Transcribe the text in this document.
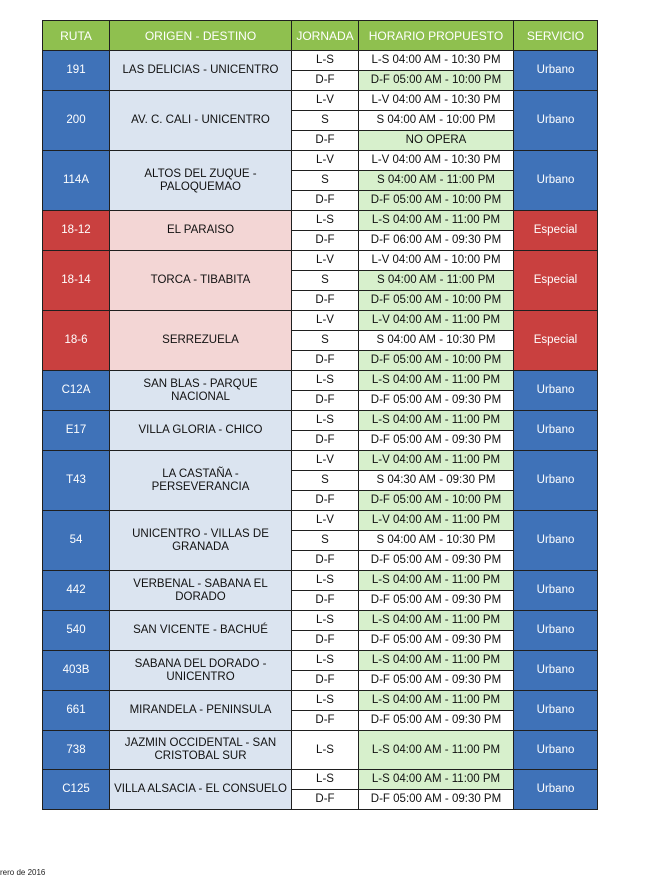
RUTA	ORIGEN - DESTINO	JORNADA	HORARIO PROPUESTO	SERVICIO
191	LAS DELICIAS - UNICENTRO	L-S	L-S 04:00 AM - 10:30 PM	Urbano
		D-F	D-F 05:00 AM - 10:00 PM	
200	AV. C. CALI - UNICENTRO	L-V	L-V 04:00 AM - 10:30 PM	Urbano
		S	S 04:00 AM - 10:00 PM	
		D-F	NO OPERA	
114A	ALTOS DEL ZUQUE -
PALOQUEMAO	L-V	L-V 04:00 AM - 10:30 PM	Urbano
		S	S 04:00 AM - 11:00 PM	
		D-F	D-F 05:00 AM - 10:00 PM	
18-12	EL PARAISO	L-S	L-S 04:00 AM - 11:00 PM	Especial
		D-F	D-F 06:00 AM - 09:30 PM	
18-14	TORCA - TIBABITA	L-V	L-V 04:00 AM - 10:00 PM	Especial
		S	S 04:00 AM - 11:00 PM	
		D-F	D-F 05:00 AM - 10:00 PM	
18-6	SERREZUELA	L-V	L-V 04:00 AM - 11:00 PM	Especial
		S	S 04:00 AM - 10:30 PM	
		D-F	D-F 05:00 AM - 10:00 PM	
C12A	SAN BLAS - PARQUE
NACIONAL	L-S	L-S 04:00 AM - 11:00 PM	Urbano
		D-F	D-F 05:00 AM - 09:30 PM	
E17	VILLA GLORIA - CHICO	L-S	L-S 04:00 AM - 11:00 PM	Urbano
		D-F	D-F 05:00 AM - 09:30 PM	
T43	LA CASTAÑA -
PERSEVERANCIA	L-V	L-V 04:00 AM - 11:00 PM	Urbano
		S	S 04:30 AM - 09:30 PM	
		D-F	D-F 05:00 AM - 10:00 PM	
54	UNICENTRO - VILLAS DE
GRANADA	L-V	L-V 04:00 AM - 11:00 PM	Urbano
		S	S 04:00 AM - 10:30 PM	
		D-F	D-F 05:00 AM - 09:30 PM	
442	VERBENAL - SABANA EL
DORADO	L-S	L-S 04:00 AM - 11:00 PM	Urbano
		D-F	D-F 05:00 AM - 09:30 PM	
540	SAN VICENTE - BACHUÉ	L-S	L-S 04:00 AM - 11:00 PM	Urbano
		D-F	D-F 05:00 AM - 09:30 PM	
403B	SABANA DEL DORADO -
UNICENTRO	L-S	L-S 04:00 AM - 11:00 PM	Urbano
		D-F	D-F 05:00 AM - 09:30 PM	
661	MIRANDELA - PENINSULA	L-S	L-S 04:00 AM - 11:00 PM	Urbano
		D-F	D-F 05:00 AM - 09:30 PM	
738	JAZMIN OCCIDENTAL - SAN
CRISTOBAL SUR	L-S	L-S 04:00 AM - 11:00 PM	Urbano
C125	VILLA ALSACIA - EL CONSUELO	L-S	L-S 04:00 AM - 11:00 PM	Urbano
		D-F	D-F 05:00 AM - 09:30 PM	
rero de 2016
